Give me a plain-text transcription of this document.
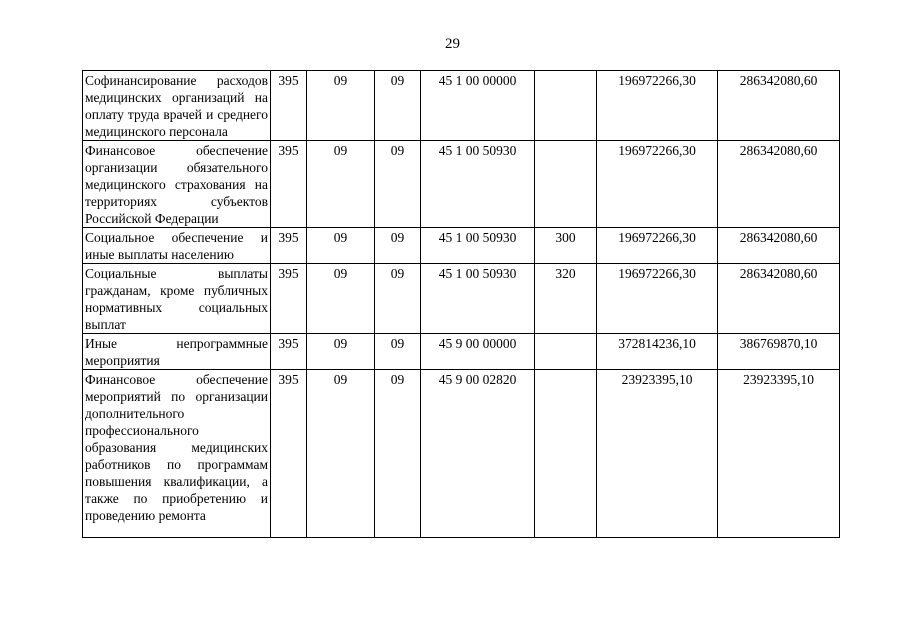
29
Софинансирование расходов медицинских организаций на оплату труда врачей и среднего медицинского персонала	395	09	09	45 1 00 00000		196972266,30	286342080,60
Финансовое обеспечение организации обязательного медицинского страхования на территориях субъектов Российской Федерации	395	09	09	45 1 00 50930		196972266,30	286342080,60
Социальное обеспечение и иные выплаты населению	395	09	09	45 1 00 50930	300	196972266,30	286342080,60
Социальные выплаты гражданам, кроме публичных нормативных социальных выплат	395	09	09	45 1 00 50930	320	196972266,30	286342080,60
Иные непрограммные мероприятия	395	09	09	45 9 00 00000		372814236,10	386769870,10
Финансовое обеспечение мероприятий по организации дополнительного профессионального образования медицинских работников по программам повышения квалификации, а также по приобретению и проведению ремонта	395	09	09	45 9 00 02820		23923395,10	23923395,10
